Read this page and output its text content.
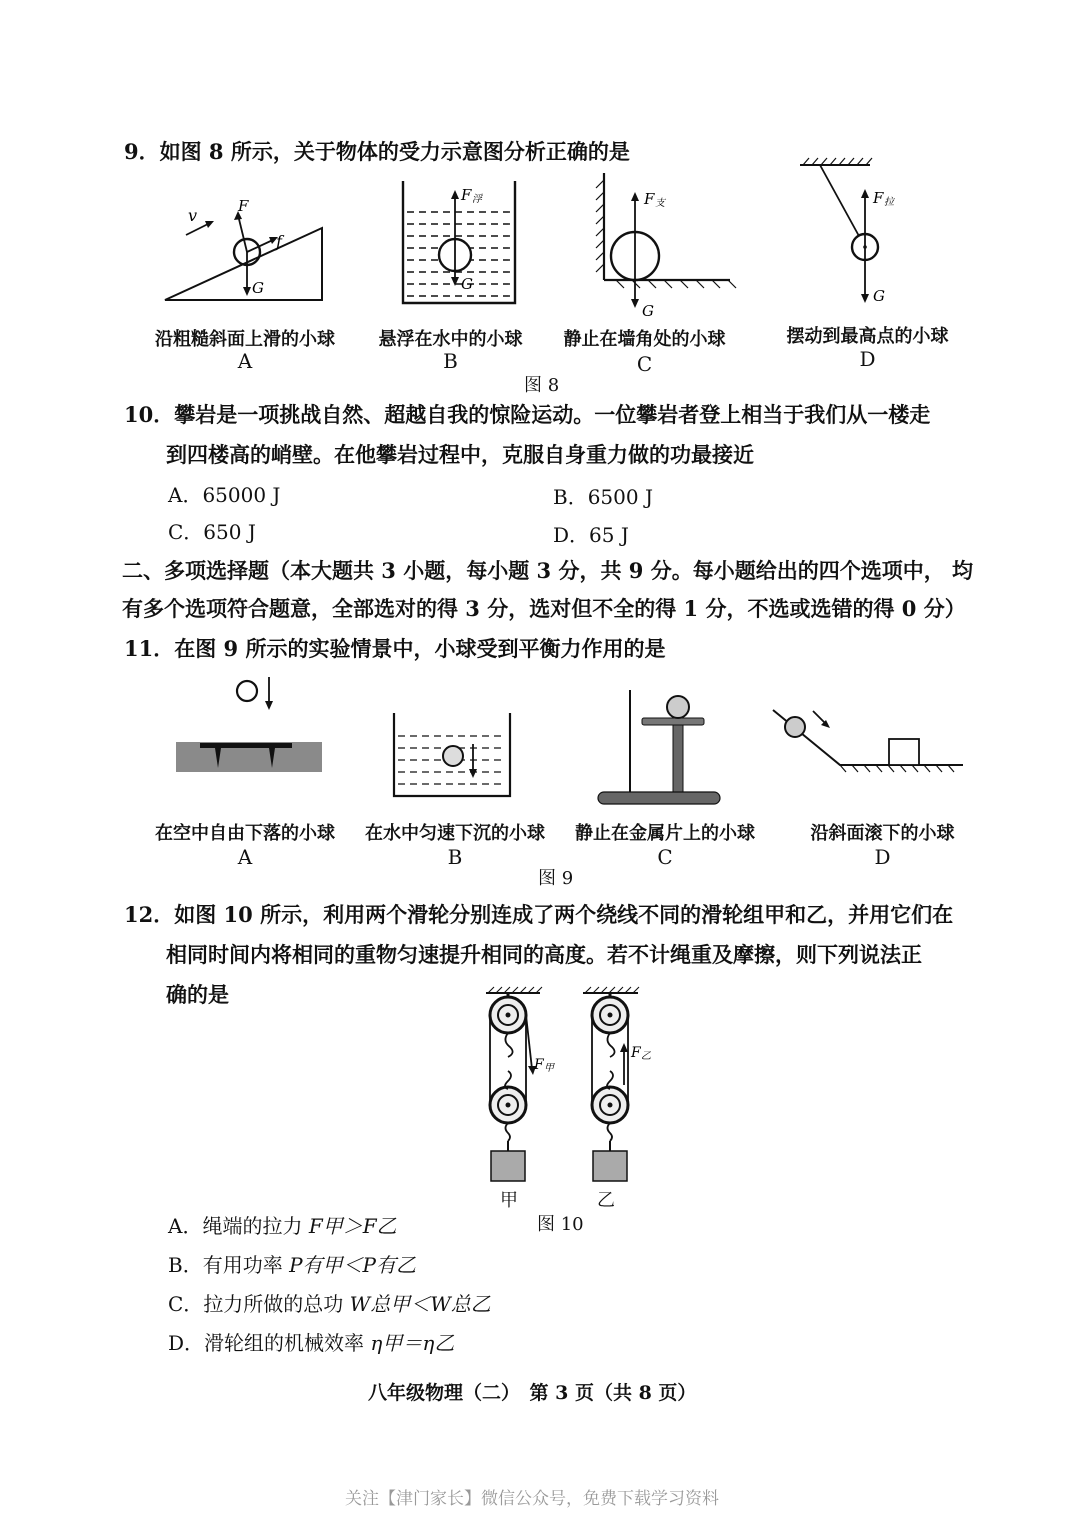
9．如图 8 所示，关于物体的受力示意图分析正确的是
v	F
f
G
F 浮
G
F 支
G
F 拉
G
沿粗糙斜面上滑的小球
A
悬浮在水中的小球
B
静止在墙角处的小球
C
摆动到最高点的小球
D
图 8
10．攀岩是一项挑战自然、超越自我的惊险运动。一位攀岩者登上相当于我们从一楼走
到四楼高的峭壁。在他攀岩过程中，克服自身重力做的功最接近
A．65000 J	B．6500 J
C．650 J	D．65 J
二、多项选择题（本大题共 3 小题，每小题 3 分，共 9 分。每小题给出的四个选项中， 均
有多个选项符合题意，全部选对的得 3 分，选对但不全的得 1 分，不选或选错的得 0 分）
11．在图 9 所示的实验情景中，小球受到平衡力作用的是
在空中自由下落的小球
A
在水中匀速下沉的小球
B
静止在金属片上的小球
C
沿斜面滚下的小球
D
图 9
12．如图 10 所示，利用两个滑轮分别连成了两个绕线不同的滑轮组甲和乙，并用它们在
相同时间内将相同的重物匀速提升相同的高度。若不计绳重及摩擦，则下列说法正
确的是
F 甲
F 乙
甲	乙
图 10
A．绳端的拉力 F甲＞F乙
B．有用功率 P有甲＜P有乙
C．拉力所做的总功 W总甲＜W总乙
D．滑轮组的机械效率 η甲＝η乙
八年级物理（二）　第 3 页（共 8 页）
关注【津门家长】微信公众号，免费下载学习资料
